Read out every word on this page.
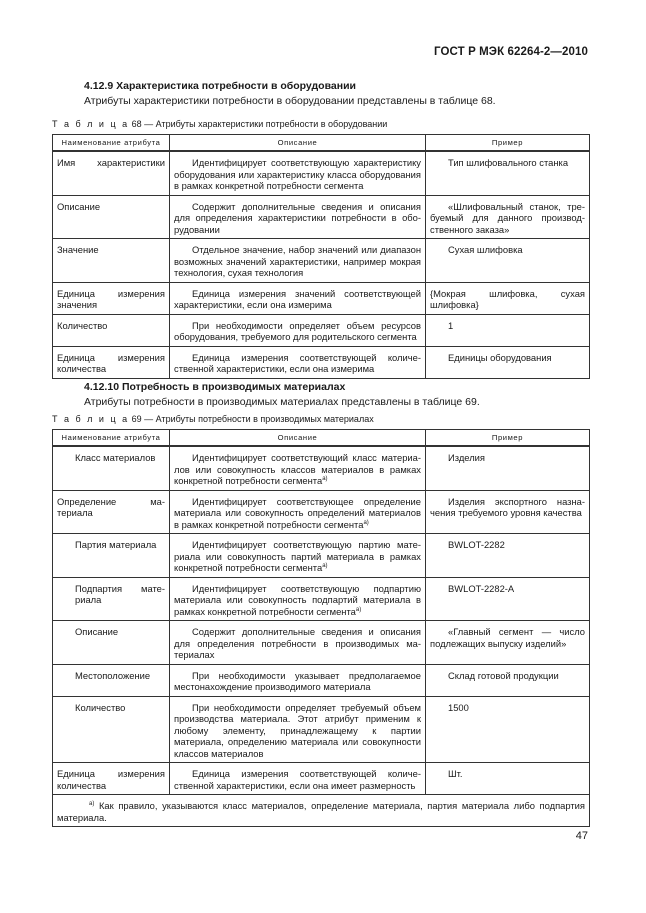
ГОСТ Р МЭК 62264-2—2010
4.12.9 Характеристика потребности в оборудовании
Атрибуты характеристики потребности в оборудовании представлены в таблице 68.
Т а б л и ц а 68 — Атрибуты характеристики потребности в оборудовании
Наименование атрибута	Описание	Пример

Имя характеристики	Идентифицирует соответствующую характеристику оборудования или характеристику класса оборудования в рамках конкретной потребности сегмента	Тип шлифовального станка

Описание	Содержит дополнительные сведения и описания для определения характеристики потребности в оборудовании	«Шлифовальный станок, требуемый для данного производственного заказа»

Значение	Отдельное значение, набор значений или диапазон возможных значений характеристики, например мокрая технология, сухая технология	Сухая шлифовка

Единица измерения значения	Единица измерения значений соответствующей характеристики, если она измерима	{Мокрая шлифовка, сухая шлифовка}

Количество	При необходимости определяет объем ресурсов оборудования, требуемого для родительского сегмента	1

Единица измерения количества	Единица измерения соответствующей количественной характеристики, если она измерима	Единицы оборудования
4.12.10 Потребность в производимых материалах
Атрибуты потребности в производимых материалах представлены в таблице 69.
Т а б л и ц а 69 — Атрибуты потребности в производимых материалах
Наименование атрибута	Описание	Пример

Класс материалов	Идентифицирует соответствующий класс материалов или совокупность классов материалов в рамках конкретной потребности сегмента$^{а)}$	Изделия

Определение материала	Идентифицирует соответствующее определение материала или совокупность определений материалов в рамках конкретной потребности сегмента$^{а)}$	Изделия экспортного назначения требуемого уровня качества

Партия материала	Идентифицирует соответствующую партию материала или совокупность партий материала в рамках конкретной потребности сегмента$^{а)}$	BWLOT-2282

Подпартия материала	Идентифицирует соответствующую подпартию материала или совокупность подпартий материала в рамках конкретной потребности сегмента$^{а)}$	BWLOT-2282-A

Описание	Содержит дополнительные сведения и описания для определения потребности в производимых материалах	«Главный сегмент — число подлежащих выпуску изделий»

Местоположение	При необходимости указывает предполагаемое местонахождение производимого материала	Склад готовой продукции

Количество	При необходимости определяет требуемый объем производства материала. Этот атрибут применим к любому элементу, принадлежащему к партии материала, определению материала или совокупности классов материалов	1500

Единица измерения количества	Единица измерения соответствующей количественной характеристики, если она имеет размерность	Шт.

$^{а)}$ Как правило, указываются класс материалов, определение материала, партия материала либо подпартия материала.		
47
